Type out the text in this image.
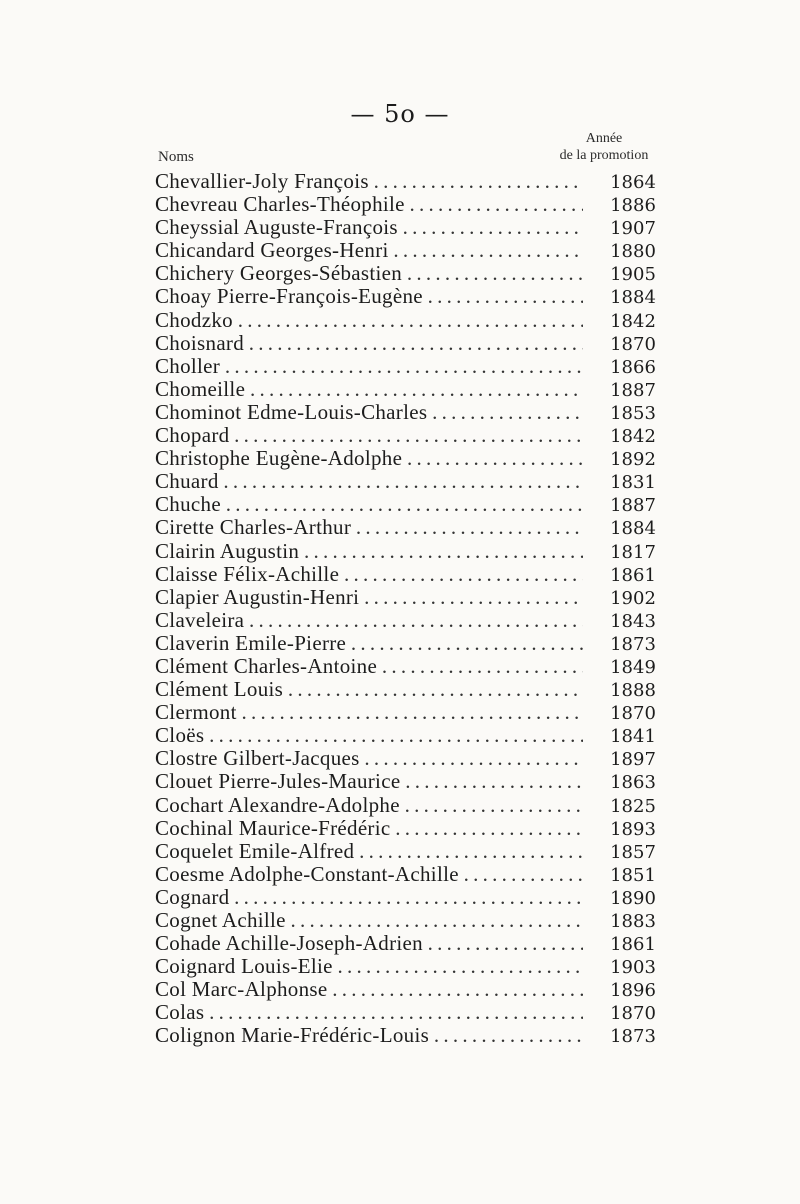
— 5o —
Noms
Année
de la promotion
Chevallier-Joly François . . .	1864
Chevreau Charles-Théophile . . .	1886
Cheyssial Auguste-François . . .	1907
Chicandard Georges-Henri . . .	1880
Chichery Georges-Sébastien . . .	1905
Choay Pierre-François-Eugène . . .	1884
Chodzko . . .	1842
Choisnard . . .	1870
Choller . . .	1866
Chomeille . . .	1887
Chominot Edme-Louis-Charles . . .	1853
Chopard . . .	1842
Christophe Eugène-Adolphe . . .	1892
Chuard . . .	1831
Chuche . . .	1887
Cirette Charles-Arthur . . .	1884
Clairin Augustin . . .	1817
Claisse Félix-Achille . . .	1861
Clapier Augustin-Henri . . .	1902
Claveleira . . .	1843
Claverin Emile-Pierre . . .	1873
Clément Charles-Antoine . . .	1849
Clément Louis . . .	1888
Clermont . . .	1870
Cloës . . .	1841
Clostre Gilbert-Jacques . . .	1897
Clouet Pierre-Jules-Maurice . . .	1863
Cochart Alexandre-Adolphe . . .	1825
Cochinal Maurice-Frédéric . . .	1893
Coquelet Emile-Alfred . . .	1857
Coesme Adolphe-Constant-Achille . . .	1851
Cognard . . .	1890
Cognet Achille . . .	1883
Cohade Achille-Joseph-Adrien . . .	1861
Coignard Louis-Elie . . .	1903
Col Marc-Alphonse . . .	1896
Colas . . .	1870
Colignon Marie-Frédéric-Louis . . .	1873
